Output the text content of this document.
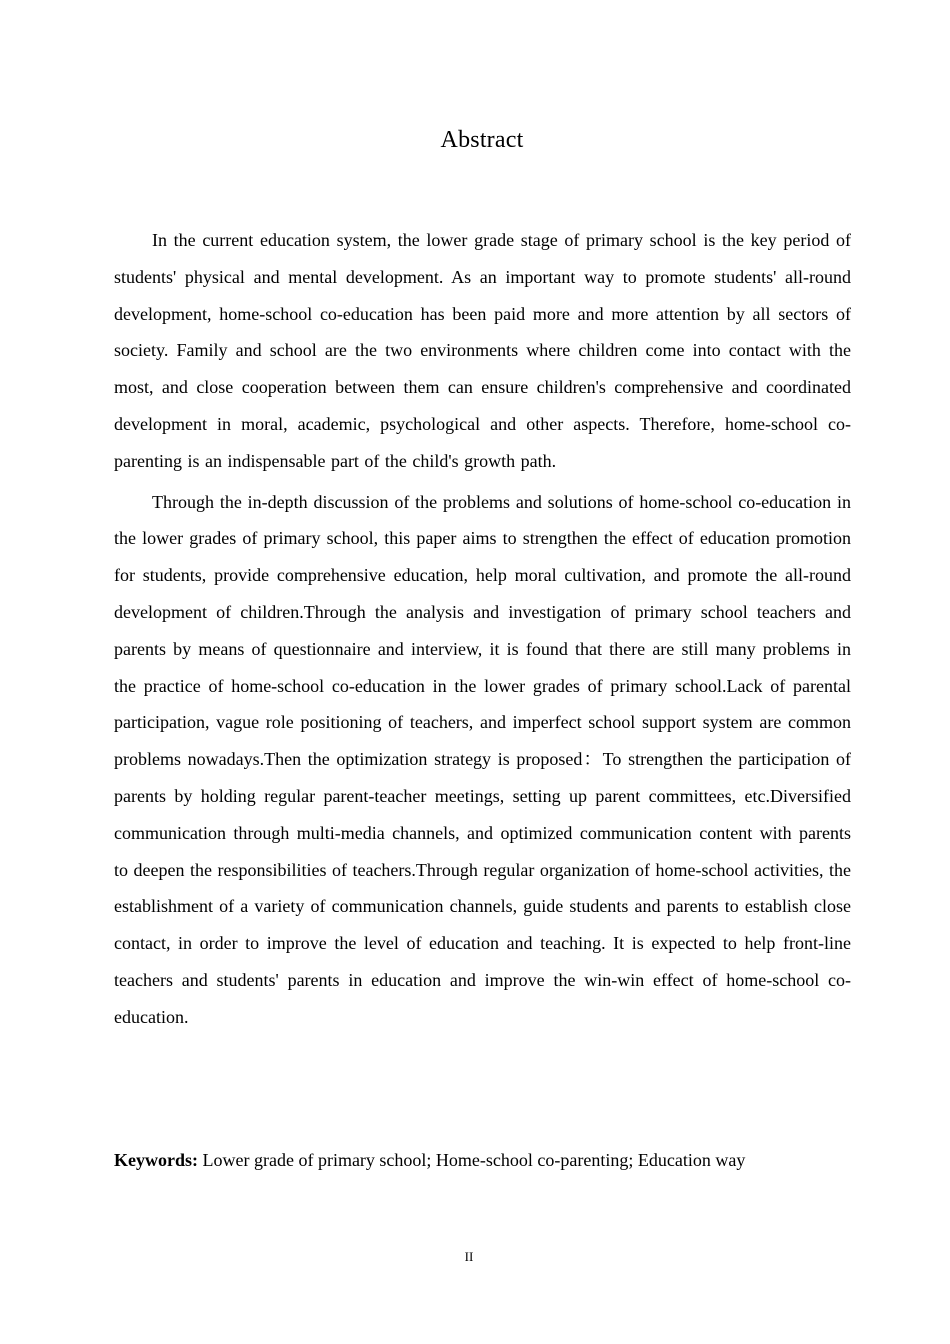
Abstract

In the current education system, the lower grade stage of primary school is the key period of students' physical and mental development. As an important way to promote students' all-round development, home-school co-education has been paid more and more attention by all sectors of society. Family and school are the two environments where children come into contact with the most, and close cooperation between them can ensure children's comprehensive and coordinated development in moral, academic, psychological and other aspects. Therefore, home-school co-parenting is an indispensable part of the child's growth path.

Through the in-depth discussion of the problems and solutions of home-school co-education in the lower grades of primary school, this paper aims to strengthen the effect of education promotion for students, provide comprehensive education, help moral cultivation, and promote the all-round development of children.Through the analysis and investigation of primary school teachers and parents by means of questionnaire and interview, it is found that there are still many problems in the practice of home-school co-education in the lower grades of primary school.Lack of parental participation, vague role positioning of teachers, and imperfect school support system are common problems nowadays.Then the optimization strategy is proposed：To strengthen the participation of parents by holding regular parent-teacher meetings, setting up parent committees, etc.Diversified communication through multi-media channels, and optimized communication content with parents to deepen the responsibilities of teachers.Through regular organization of home-school activities, the establishment of a variety of communication channels, guide students and parents to establish close contact, in order to improve the level of education and teaching. It is expected to help front-line teachers and students' parents in education and improve the win-win effect of home-school co-education.

Keywords: Lower grade of primary school; Home-school co-parenting; Education way
II
